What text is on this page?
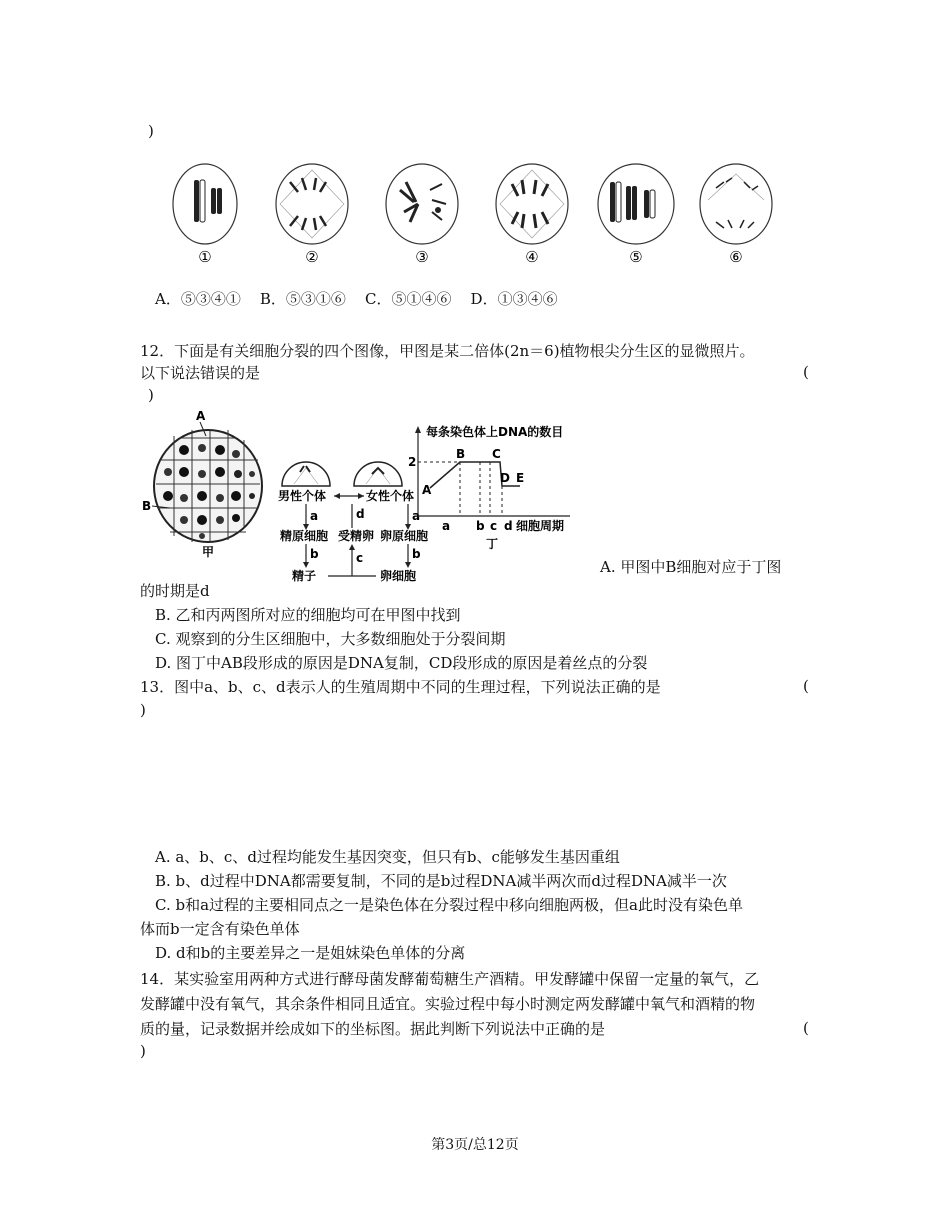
)
①	②	③	④	⑤	⑥
A．⑤③④①    B．⑤③①⑥    C．⑤①④⑥    D．①③④⑥
12．下面是有关细胞分裂的四个图像，甲图是某二倍体(2n＝6)植物根尖分生区的显微照片。
以下说法错误的是	(
)
A
B
甲
男性个体	女性个体
a
精原细胞
a
卵原细胞
b
精子
b
卵细胞
受精卵
c
d
每条染色体上DNA的数目
2
A
B C
D E
a b c d 细胞周期
丁
A. 甲图中B细胞对应于丁图
的时期是d
B. 乙和丙两图所对应的细胞均可在甲图中找到
C. 观察到的分生区细胞中，大多数细胞处于分裂间期
D. 图丁中AB段形成的原因是DNA复制，CD段形成的原因是着丝点的分裂
13．图中a、b、c、d表示人的生殖周期中不同的生理过程，下列说法正确的是	(
)
A. a、b、c、d过程均能发生基因突变，但只有b、c能够发生基因重组
B. b、d过程中DNA都需要复制，不同的是b过程DNA减半两次而d过程DNA减半一次
C. b和a过程的主要相同点之一是染色体在分裂过程中移向细胞两极，但a此时没有染色单
体而b一定含有染色单体
D. d和b的主要差异之一是姐妹染色单体的分离
14．某实验室用两种方式进行酵母菌发酵葡萄糖生产酒精。甲发酵罐中保留一定量的氧气，乙
发酵罐中没有氧气，其余条件相同且适宜。实验过程中每小时测定两发酵罐中氧气和酒精的物
质的量，记录数据并绘成如下的坐标图。据此判断下列说法中正确的是	(
)
第3页/总12页
